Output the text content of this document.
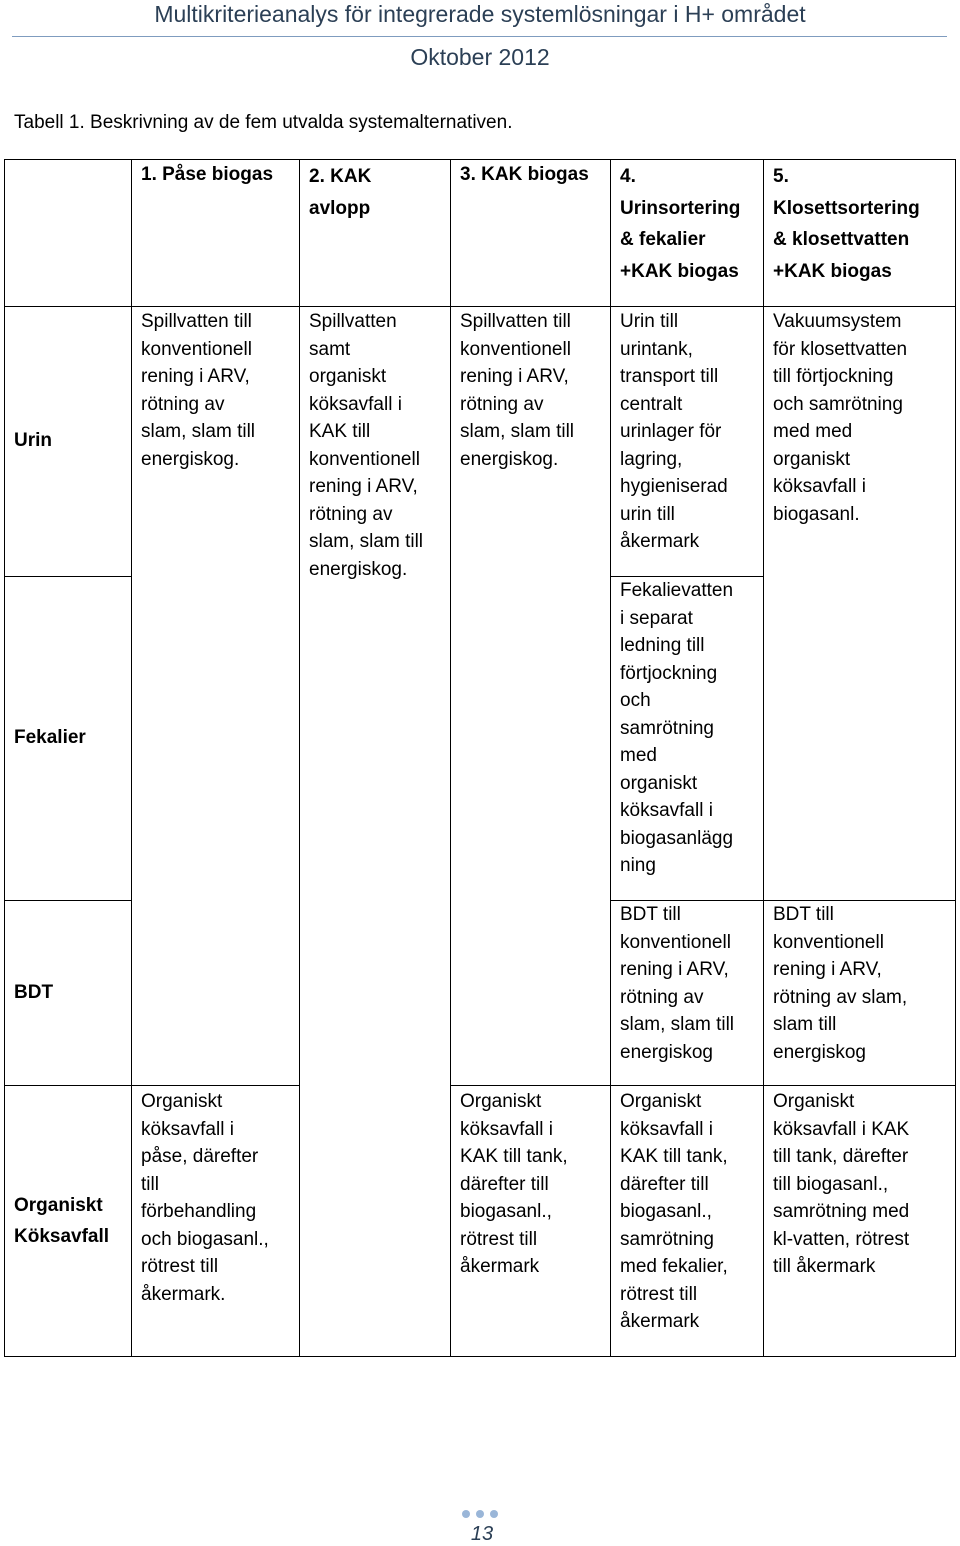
Multikriterieanalys för integrerade systemlösningar i H+ området
Oktober 2012
Tabell 1. Beskrivning av de fem utvalda systemalternativen.
1. Påse biogas	2. KAK
avlopp
3. KAK biogas	4.
Urinsortering
& fekalier
+KAK biogas
5.
Klosettsortering
& klosettvatten
+KAK biogas
Urin
Fekalier
BDT
Organiskt
Köksavfall
Spillvatten till
konventionell
rening i ARV,
rötning av
slam, slam till
energiskog.
Spillvatten
samt
organiskt
köksavfall i
KAK till
konventionell
rening i ARV,
rötning av
slam, slam till
energiskog.
Spillvatten till
konventionell
rening i ARV,
rötning av
slam, slam till
energiskog.
Urin till
urintank,
transport till
centralt
urinlager för
lagring,
hygieniserad
urin till
åkermark
Fekalievatten
i separat
ledning till
förtjockning
och
samrötning
med
organiskt
köksavfall i
biogasanlägg
ning
Vakuumsystem
för klosettvatten
till förtjockning
och samrötning
med med
organiskt
köksavfall i
biogasanl.
BDT till
konventionell
rening i ARV,
rötning av
slam, slam till
energiskog
BDT till
konventionell
rening i ARV,
rötning av slam,
slam till
energiskog
Organiskt
köksavfall i
påse, därefter
till
förbehandling
och biogasanl.,
rötrest till
åkermark.
Organiskt
köksavfall i
KAK till tank,
därefter till
biogasanl.,
rötrest till
åkermark
Organiskt
köksavfall i
KAK till tank,
därefter till
biogasanl.,
samrötning
med fekalier,
rötrest till
åkermark
Organiskt
köksavfall i KAK
till tank, därefter
till biogasanl.,
samrötning med
kl-vatten, rötrest
till åkermark
13
